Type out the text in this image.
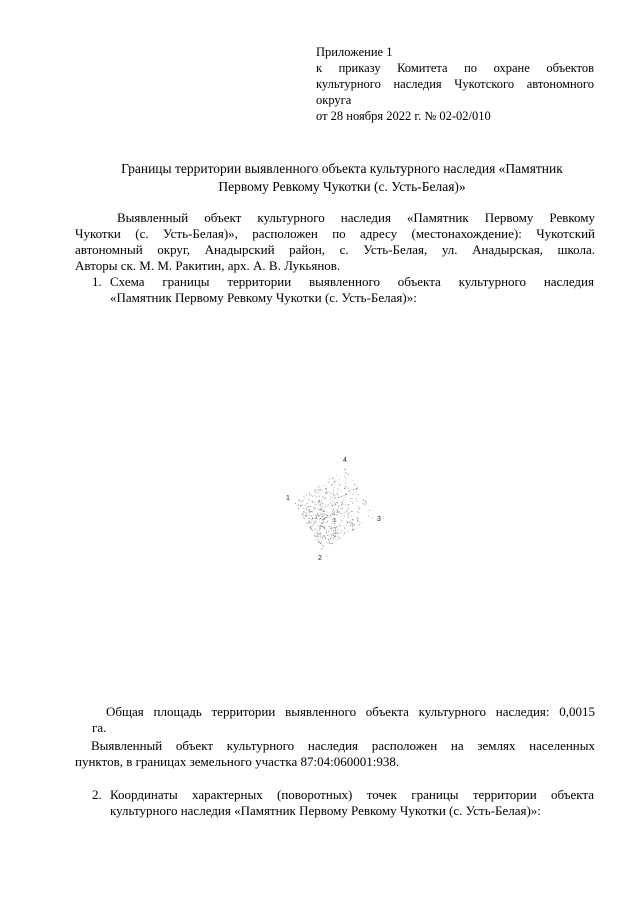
Приложение 1
к приказу Комитета по охране объектов
культурного наследия Чукотского автономного
округа
от 28 ноября 2022 г. № 02-02/010
Границы территории выявленного объекта культурного наследия «Памятник
Первому Ревкому Чукотки (с. Усть-Белая)»
Выявленный объект культурного наследия «Памятник Первому Ревкому
Чукотки (с. Усть-Белая)», расположен по адресу (местонахождение): Чукотский
автономный округ, Анадырский район, с. Усть-Белая, ул. Анадырская, школа.
Авторы ск. М. М. Ракитин, арх. А. В. Лукьянов.
1. Схема границы территории выявленного объекта культурного наследия
«Памятник Первому Ревкому Чукотки (с. Усть-Белая)»:
4
1
3
2
Общая площадь территории выявленного объекта культурного наследия: 0,0015
га.
Выявленный объект культурного наследия расположен на землях населенных
пунктов, в границах земельного участка 87:04:060001:938.
2. Координаты характерных (поворотных) точек границы территории объекта
культурного наследия «Памятник Первому Ревкому Чукотки (с. Усть-Белая)»:
